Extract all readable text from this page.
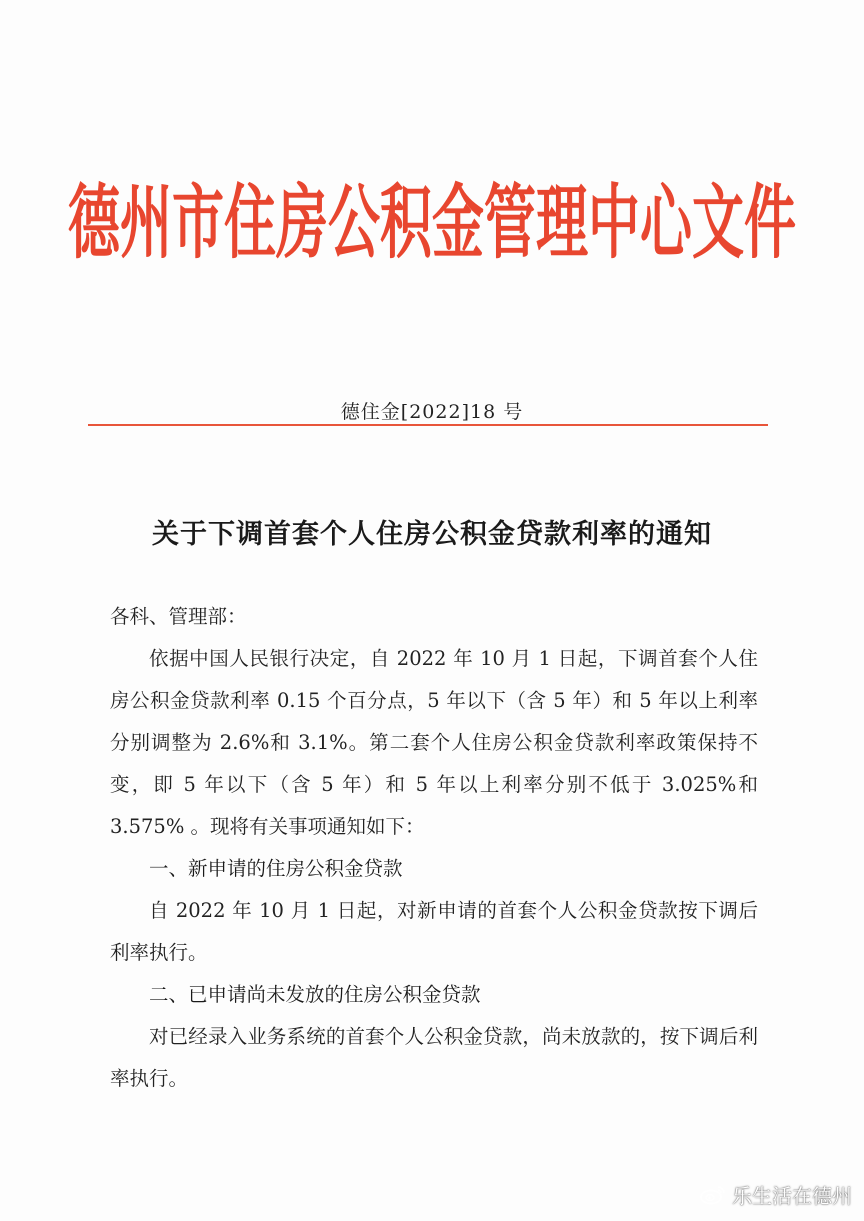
德州市住房公积金管理中心文件
德住金[2022]18 号
关于下调首套个人住房公积金贷款利率的通知
各科、管理部：

依据中国人民银行决定，自 2022 年 10 月 1 日起，下调首套个人住房公积金贷款利率 0.15 个百分点，5 年以下（含 5 年）和 5 年以上利率分别调整为 2.6%和 3.1%。第二套个人住房公积金贷款利率政策保持不变，即 5 年以下（含 5 年）和 5 年以上利率分别不低于 3.025%和 3.575% 。现将有关事项通知如下：

一、新申请的住房公积金贷款

自 2022 年 10 月 1 日起，对新申请的首套个人公积金贷款按下调后利率执行。

二、已申请尚未发放的住房公积金贷款

对已经录入业务系统的首套个人公积金贷款，尚未放款的，按下调后利率执行。

乐生活在德州
